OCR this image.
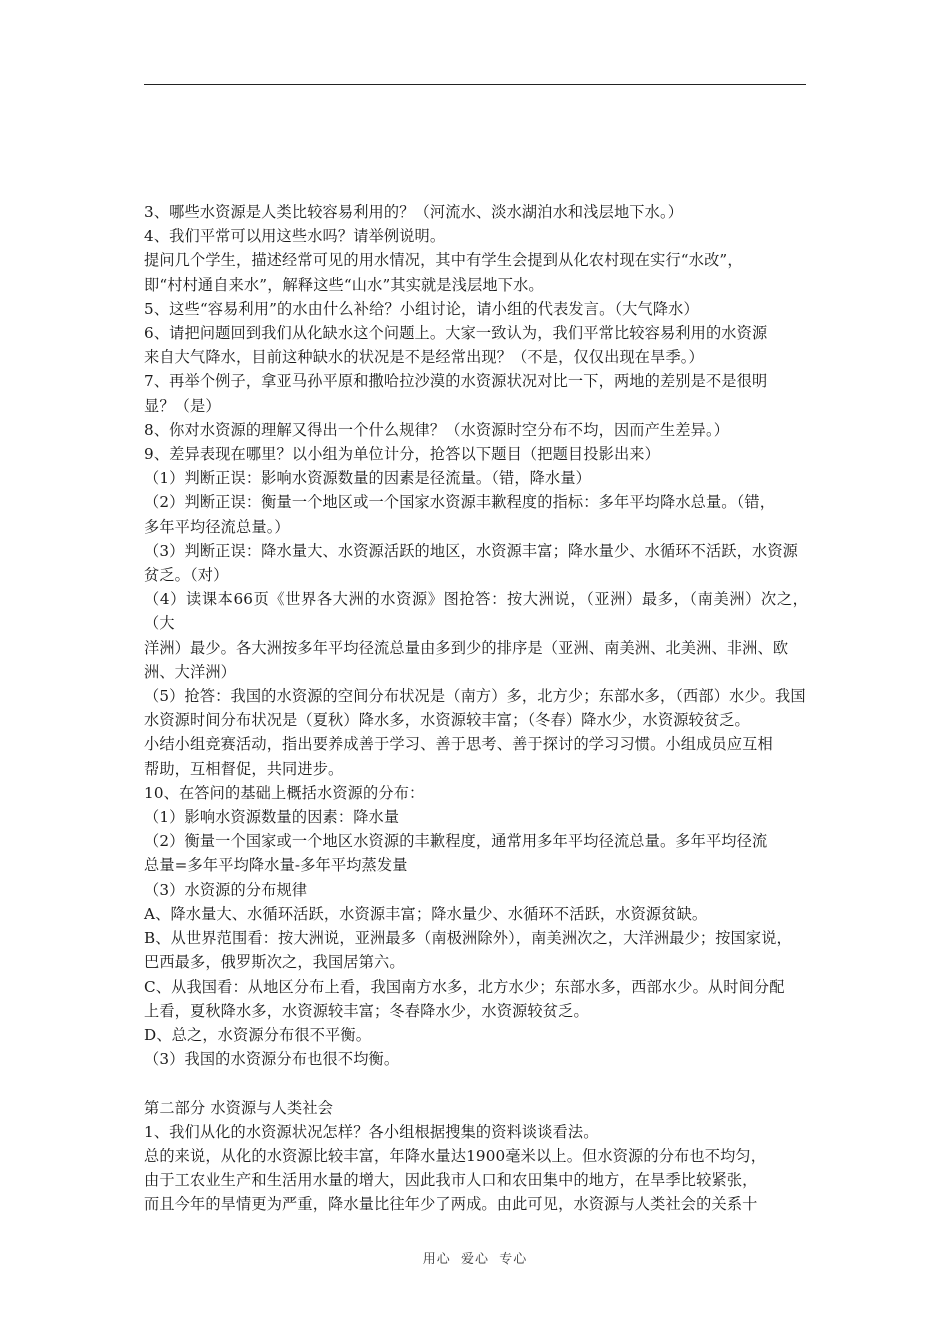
3、哪些水资源是人类比较容易利用的？（河流水、淡水湖泊水和浅层地下水。）

4、我们平常可以用这些水吗？请举例说明。

提问几个学生，描述经常可见的用水情况，其中有学生会提到从化农村现在实行“水改”，

即“村村通自来水”，解释这些“山水”其实就是浅层地下水。

5、这些“容易利用”的水由什么补给？小组讨论，请小组的代表发言。（大气降水）

6、请把问题回到我们从化缺水这个问题上。大家一致认为，我们平常比较容易利用的水资源

来自大气降水，目前这种缺水的状况是不是经常出现？（不是，仅仅出现在旱季。）

7、再举个例子，拿亚马孙平原和撒哈拉沙漠的水资源状况对比一下，两地的差别是不是很明

显？（是）

8、你对水资源的理解又得出一个什么规律？（水资源时空分布不均，因而产生差异。）

9、差异表现在哪里？以小组为单位计分，抢答以下题目（把题目投影出来）

（1）判断正误：影响水资源数量的因素是径流量。（错，降水量）

（2）判断正误：衡量一个地区或一个国家水资源丰歉程度的指标：多年平均降水总量。（错，

多年平均径流总量。）

（3）判断正误：降水量大、水资源活跃的地区，水资源丰富；降水量少、水循环不活跃，水资源

贫乏。（对）

（4）读课本66页《世界各大洲的水资源》图抢答：按大洲说，（亚洲）最多，（南美洲）次之，（大

洋洲）最少。各大洲按多年平均径流总量由多到少的排序是（亚洲、南美洲、北美洲、非洲、欧

洲、大洋洲）

（5）抢答：我国的水资源的空间分布状况是（南方）多，北方少；东部水多，（西部）水少。我国

水资源时间分布状况是（夏秋）降水多，水资源较丰富；（冬春）降水少，水资源较贫乏。

小结小组竞赛活动，指出要养成善于学习、善于思考、善于探讨的学习习惯。小组成员应互相

帮助，互相督促，共同进步。

10、在答问的基础上概括水资源的分布：

（1）影响水资源数量的因素：降水量

（2）衡量一个国家或一个地区水资源的丰歉程度，通常用多年平均径流总量。多年平均径流

总量=多年平均降水量-多年平均蒸发量

（3）水资源的分布规律

A、降水量大、水循环活跃，水资源丰富；降水量少、水循环不活跃，水资源贫缺。

B、从世界范围看：按大洲说，亚洲最多（南极洲除外），南美洲次之，大洋洲最少；按国家说，

巴西最多，俄罗斯次之，我国居第六。

C、从我国看：从地区分布上看，我国南方水多，北方水少；东部水多，西部水少。从时间分配

上看，夏秋降水多，水资源较丰富；冬春降水少，水资源较贫乏。

D、总之，水资源分布很不平衡。

（3）我国的水资源分布也很不均衡。

第二部分 水资源与人类社会

1、我们从化的水资源状况怎样？各小组根据搜集的资料谈谈看法。

总的来说，从化的水资源比较丰富，年降水量达1900毫米以上。但水资源的分布也不均匀，

由于工农业生产和生活用水量的增大，因此我市人口和农田集中的地方，在旱季比较紧张，

而且今年的旱情更为严重，降水量比往年少了两成。由此可见，水资源与人类社会的关系十

用心  爱心  专心
